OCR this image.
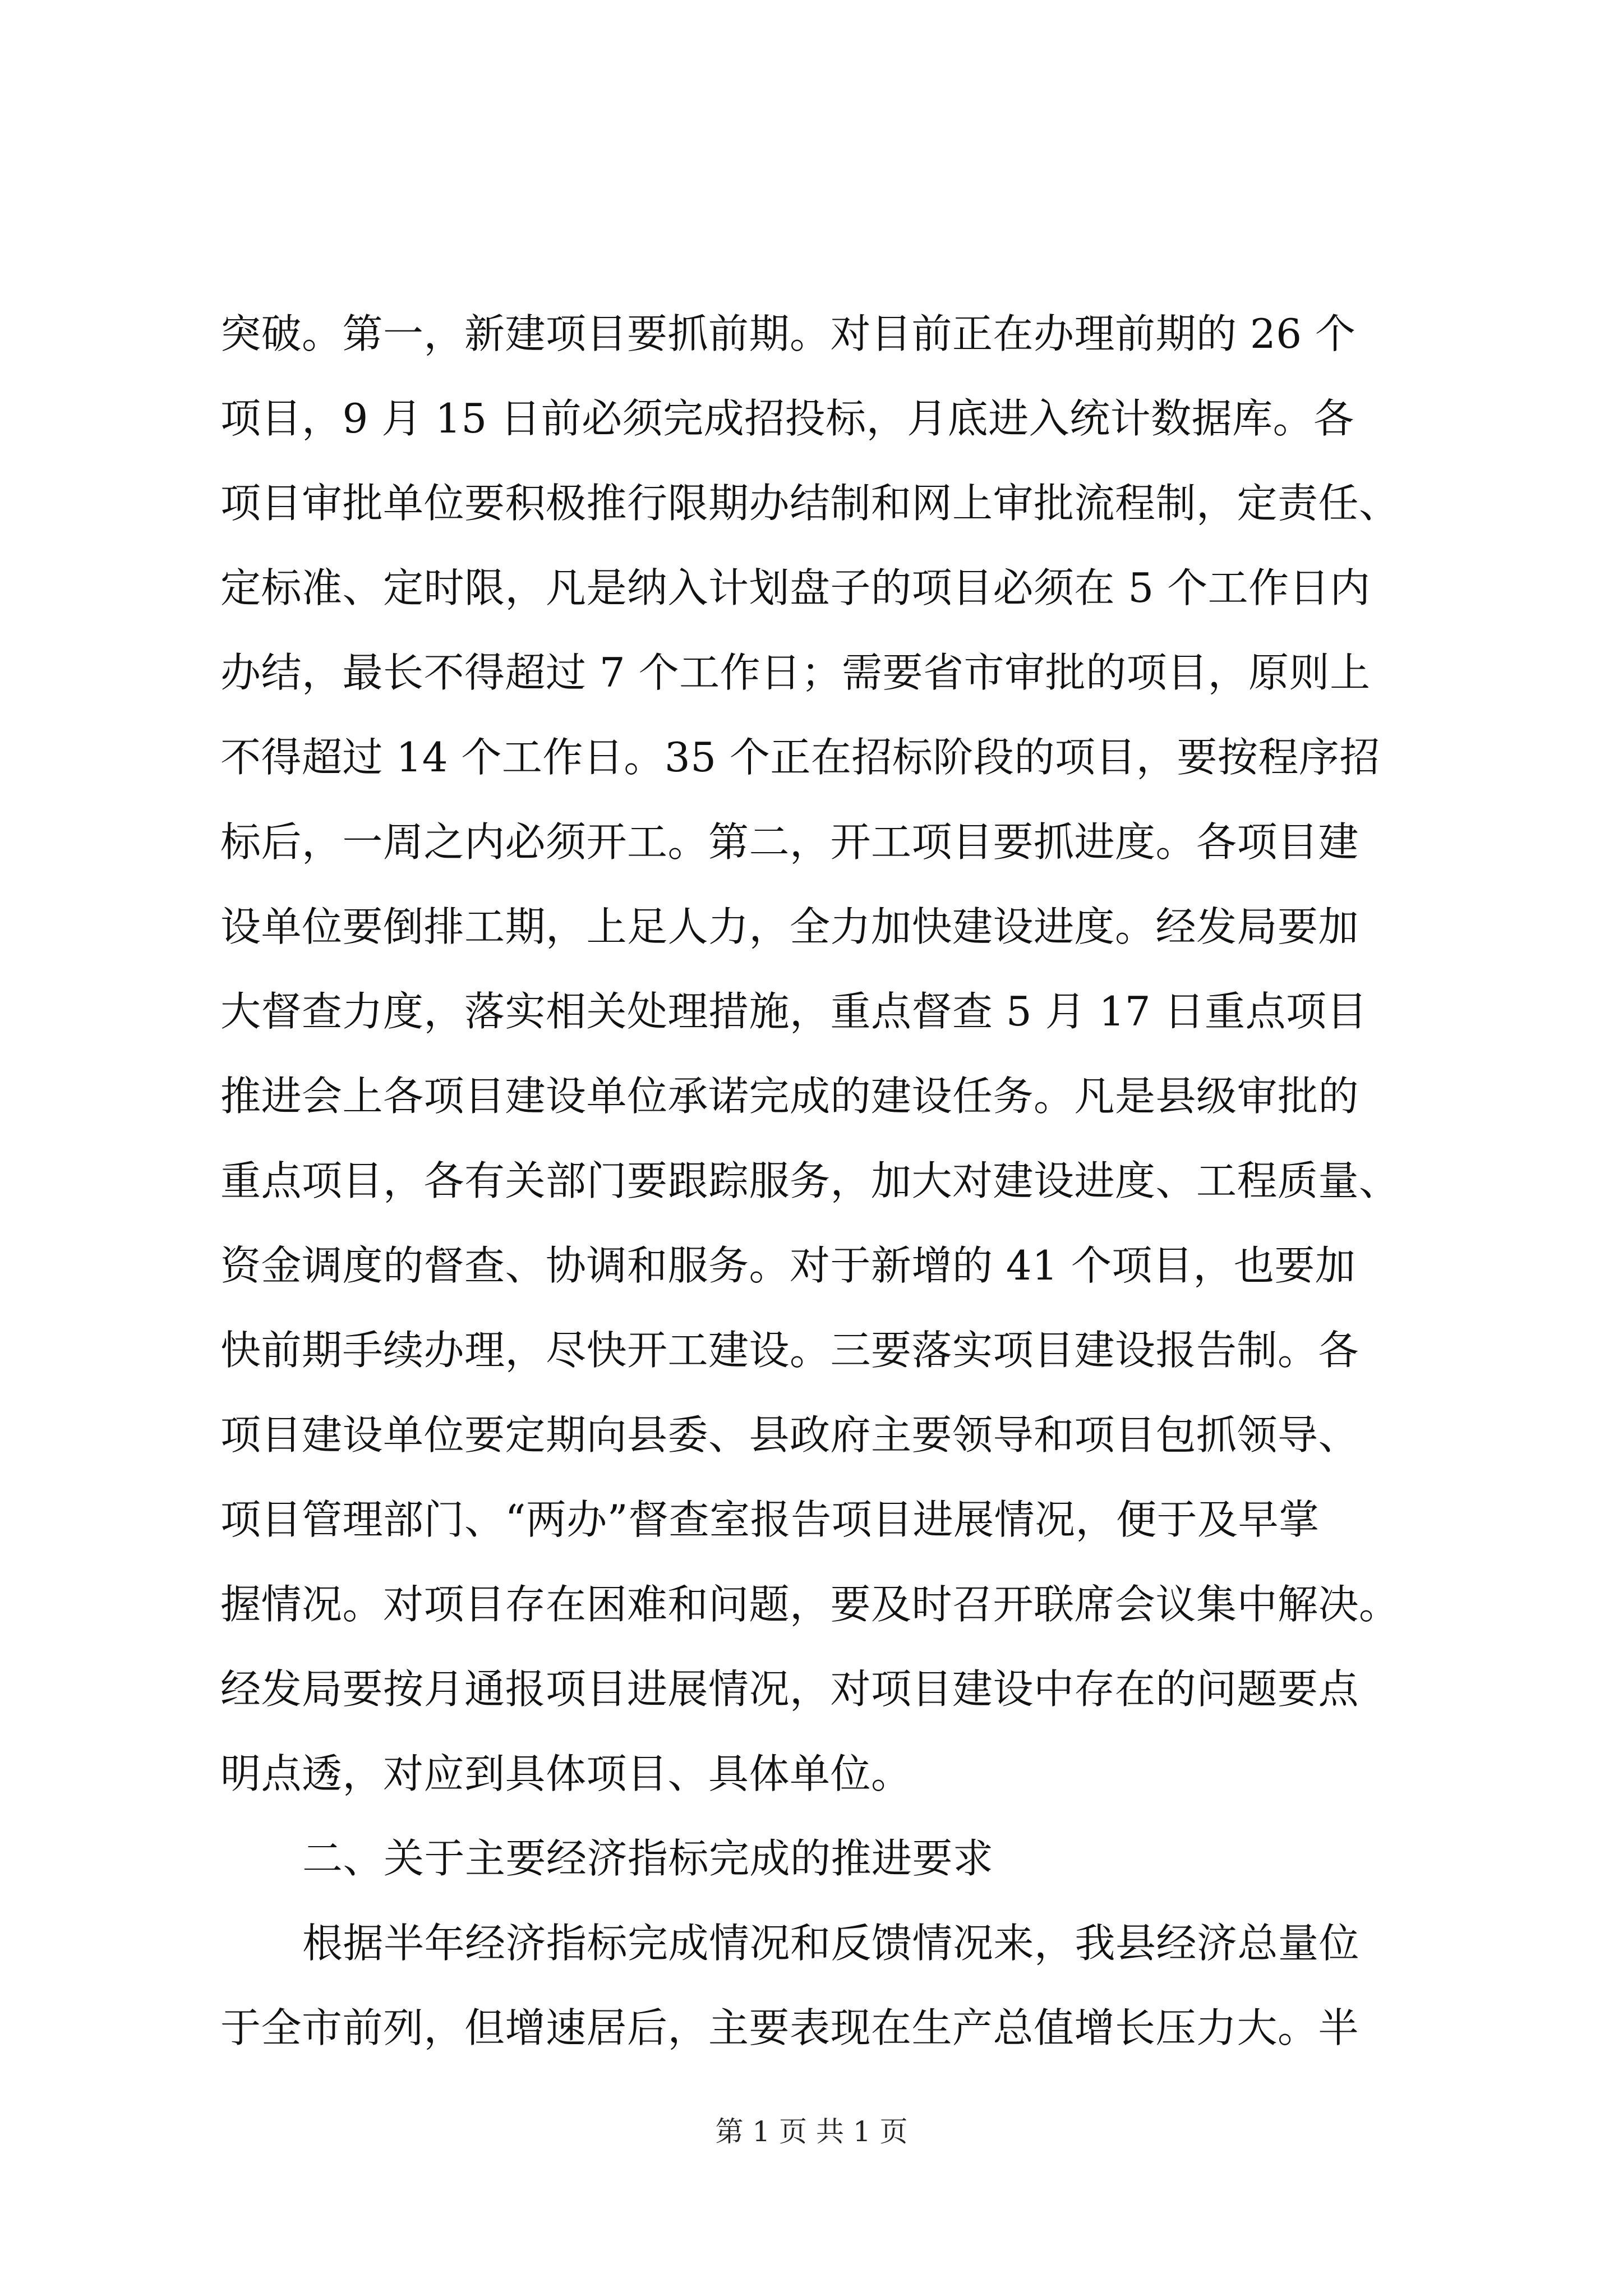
突破。第一，新建项目要抓前期。对目前正在办理前期的 26 个
项目，9 月 15 日前必须完成招投标，月底进入统计数据库。各
项目审批单位要积极推行限期办结制和网上审批流程制，定责任、
定标准、定时限，凡是纳入计划盘子的项目必须在 5 个工作日内
办结，最长不得超过 7 个工作日；需要省市审批的项目，原则上
不得超过 14 个工作日。35 个正在招标阶段的项目，要按程序招
标后，一周之内必须开工。第二，开工项目要抓进度。各项目建
设单位要倒排工期，上足人力，全力加快建设进度。经发局要加
大督查力度，落实相关处理措施，重点督查 5 月 17 日重点项目
推进会上各项目建设单位承诺完成的建设任务。凡是县级审批的
重点项目，各有关部门要跟踪服务，加大对建设进度、工程质量、
资金调度的督查、协调和服务。对于新增的 41 个项目，也要加
快前期手续办理，尽快开工建设。三要落实项目建设报告制。各
项目建设单位要定期向县委、县政府主要领导和项目包抓领导、
项目管理部门、“两办”督查室报告项目进展情况，便于及早掌
握情况。对项目存在困难和问题，要及时召开联席会议集中解决。
经发局要按月通报项目进展情况，对项目建设中存在的问题要点
明点透，对应到具体项目、具体单位。
二、关于主要经济指标完成的推进要求
根据半年经济指标完成情况和反馈情况来，我县经济总量位
于全市前列，但增速居后，主要表现在生产总值增长压力大。半
第 1 页 共 1 页
